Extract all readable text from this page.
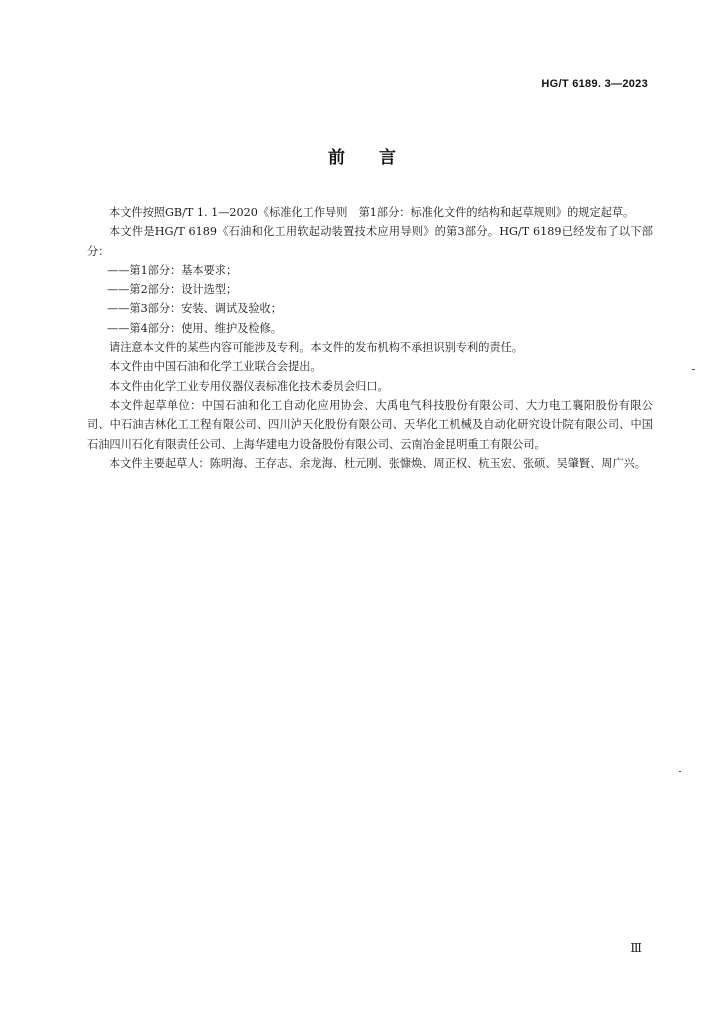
HG/T 6189. 3—2023
前言

本文件按照GB/T 1. 1—2020《标准化工作导则　第1部分：标准化文件的结构和起草规则》的规定起草。

本文件是HG/T 6189《石油和化工用软起动装置技术应用导则》的第3部分。HG/T 6189已经发布了以下部分：

——第1部分：基本要求；

——第2部分：设计选型；

——第3部分：安装、调试及验收；

——第4部分：使用、维护及检修。

请注意本文件的某些内容可能涉及专利。本文件的发布机构不承担识别专利的责任。

本文件由中国石油和化学工业联合会提出。

本文件由化学工业专用仪器仪表标准化技术委员会归口。

本文件起草单位：中国石油和化工自动化应用协会、大禹电气科技股份有限公司、大力电工襄阳股份有限公司、中石油吉林化工工程有限公司、四川泸天化股份有限公司、天华化工机械及自动化研究设计院有限公司、中国石油四川石化有限责任公司、上海华建电力设备股份有限公司、云南冶金昆明重工有限公司。

本文件主要起草人：陈明海、王存志、余龙海、杜元刚、张慷焕、周正权、杭玉宏、张硕、吴肇賢、周广兴。

Ⅲ
